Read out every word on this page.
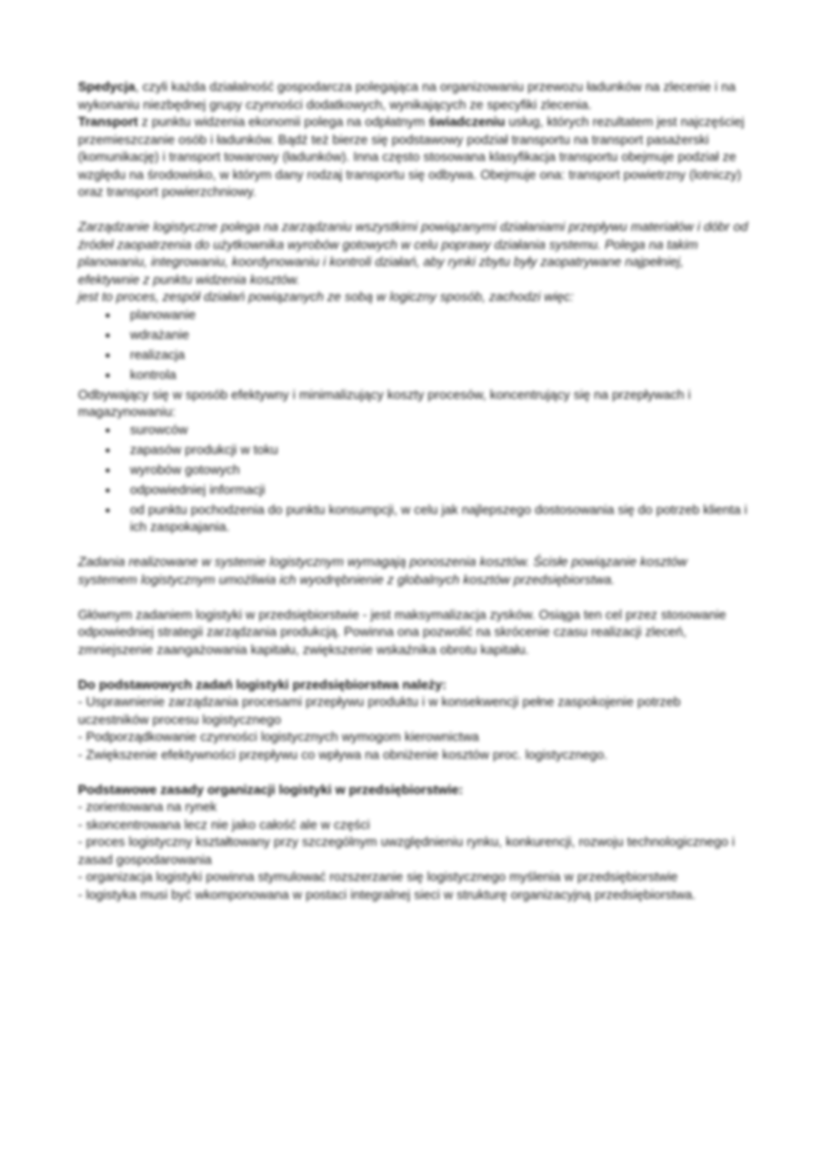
Spedycja, czyli każda działalność gospodarcza polegająca na organizowaniu przewozu ładunków na zlecenie i na wykonaniu niezbędnej grupy czynności dodatkowych, wynikających ze specyfiki zlecenia.

Transport z punktu widzenia ekonomii polega na odpłatnym świadczeniu usług, których rezultatem jest najczęściej przemieszczanie osób i ładunków. Bądź też bierze się podstawowy podział transportu na transport pasażerski (komunikację) i transport towarowy (ładunków). Inna często stosowana klasyfikacja transportu obejmuje podział ze względu na środowisko, w którym dany rodzaj transportu się odbywa. Obejmuje ona: transport powietrzny (lotniczy) oraz transport powierzchniowy.

Zarządzanie logistyczne polega na zarządzaniu wszystkimi powiązanymi działaniami przepływu materiałów i dóbr od źródeł zaopatrzenia do użytkownika wyrobów gotowych w celu poprawy działania systemu. Polega na takim planowaniu, integrowaniu, koordynowaniu i kontroli działań, aby rynki zbytu były zaopatrywane najpełniej, efektywnie z punktu widzenia kosztów.

jest to proces, zespół działań powiązanych ze sobą w logiczny sposób, zachodzi więc:

● planowanie
● wdrażanie
● realizacja
● kontrola

Odbywający się w sposób efektywny i minimalizujący koszty procesów, koncentrujący się na przepływach i magazynowaniu:

● surowców
● zapasów produkcji w toku
● wyrobów gotowych
● odpowiedniej informacji
● od punktu pochodzenia do punktu konsumpcji, w celu jak najlepszego dostosowania się do potrzeb klienta i ich zaspokajania.

Zadania realizowane w systemie logistycznym wymagają ponoszenia kosztów. Ścisłe powiązanie kosztów systemem logistycznym umożliwia ich wyodrębnienie z globalnych kosztów przedsiębiorstwa.

Głównym zadaniem logistyki w przedsiębiorstwie - jest maksymalizacja zysków. Osiąga ten cel przez stosowanie odpowiedniej strategii zarządzania produkcją. Powinna ona pozwolić na skrócenie czasu realizacji zleceń, zmniejszenie zaangażowania kapitału, zwiększenie wskaźnika obrotu kapitału.

Do podstawowych zadań logistyki przedsiębiorstwa należy:

- Usprawnienie zarządzania procesami przepływu produktu i w konsekwencji pełne zaspokojenie potrzeb uczestników procesu logistycznego
- Podporządkowanie czynności logistycznych wymogom kierownictwa
- Zwiększenie efektywności przepływu co wpływa na obniżenie kosztów proc. logistycznego.

Podstawowe zasady organizacji logistyki w przedsiębiorstwie:

- zorientowana na rynek
- skoncentrowana lecz nie jako całość ale w części
- proces logistyczny kształtowany przy szczególnym uwzględnieniu rynku, konkurencji, rozwoju technologicznego i zasad gospodarowania
- organizacja logistyki powinna stymulować rozszerzanie się logistycznego myślenia w przedsiębiorstwie
- logistyka musi być wkomponowana w postaci integralnej sieci w strukturę organizacyjną przedsiębiorstwa.
